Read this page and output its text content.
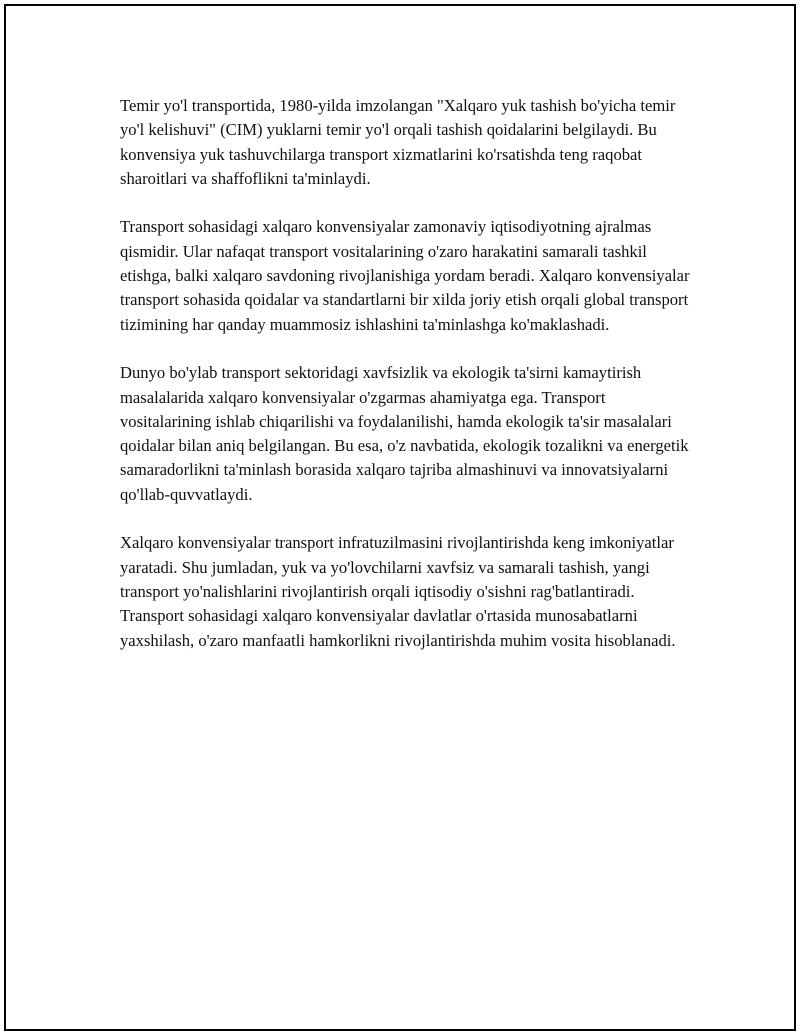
Temir yo'l transportida, 1980-yilda imzolangan "Xalqaro yuk tashish bo'yicha temir yo'l kelishuvi" (CIM) yuklarni temir yo'l orqali tashish qoidalarini belgilaydi. Bu konvensiya yuk tashuvchilarga transport xizmatlarini ko'rsatishda teng raqobat sharoitlari va shaffoflikni ta'minlaydi.

Transport sohasidagi xalqaro konvensiyalar zamonaviy iqtisodiyotning ajralmas qismidir. Ular nafaqat transport vositalarining o'zaro harakatini samarali tashkil etishga, balki xalqaro savdoning rivojlanishiga yordam beradi. Xalqaro konvensiyalar transport sohasida qoidalar va standartlarni bir xilda joriy etish orqali global transport tizimining har qanday muammosiz ishlashini ta'minlashga ko'maklashadi.

Dunyo bo'ylab transport sektoridagi xavfsizlik va ekologik ta'sirni kamaytirish masalalarida xalqaro konvensiyalar o'zgarmas ahamiyatga ega. Transport vositalarining ishlab chiqarilishi va foydalanilishi, hamda ekologik ta'sir masalalari qoidalar bilan aniq belgilangan. Bu esa, o'z navbatida, ekologik tozalikni va energetik samaradorlikni ta'minlash borasida xalqaro tajriba almashinuvi va innovatsiyalarni qo'llab-quvvatlaydi.

Xalqaro konvensiyalar transport infratuzilmasini rivojlantirishda keng imkoniyatlar yaratadi. Shu jumladan, yuk va yo'lovchilarni xavfsiz va samarali tashish, yangi transport yo'nalishlarini rivojlantirish orqali iqtisodiy o'sishni rag'batlantiradi. Transport sohasidagi xalqaro konvensiyalar davlatlar o'rtasida munosabatlarni yaxshilash, o'zaro manfaatli hamkorlikni rivojlantirishda muhim vosita hisoblanadi.
